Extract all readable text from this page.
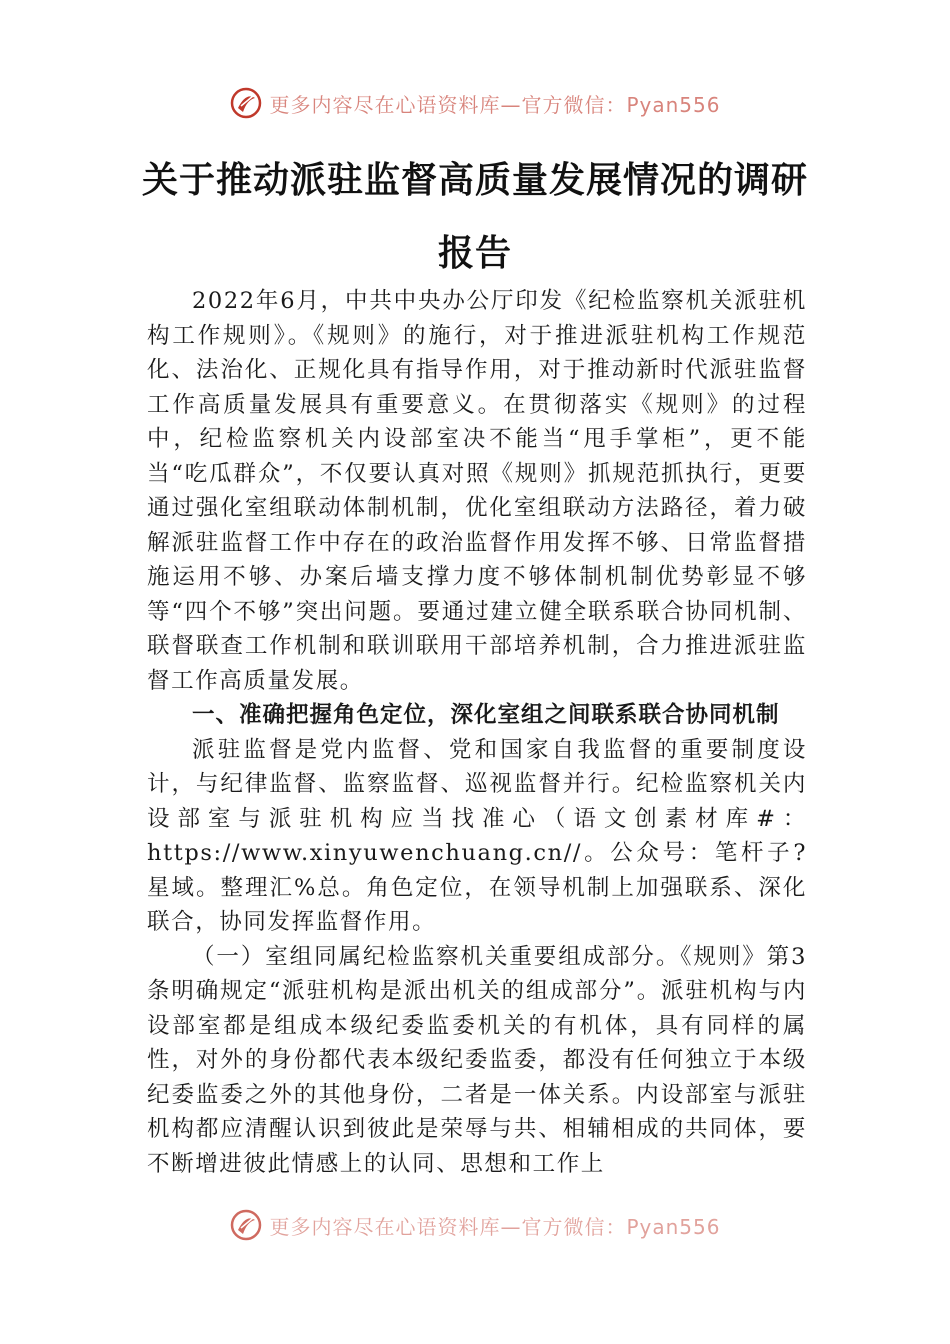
更多内容尽在心语资料库—官方微信：Pyan556
关于推动派驻监督高质量发展情况的调研
报告

2022年6月，中共中央办公厅印发《纪检监察机关派驻机构工作规则》。《规则》的施行，对于推进派驻机构工作规范化、法治化、正规化具有指导作用，对于推动新时代派驻监督工作高质量发展具有重要意义。在贯彻落实《规则》的过程中，纪检监察机关内设部室决不能当“甩手掌柜”，更不能当“吃瓜群众”，不仅要认真对照《规则》抓规范抓执行，更要通过强化室组联动体制机制，优化室组联动方法路径，着力破解派驻监督工作中存在的政治监督作用发挥不够、日常监督措施运用不够、办案后墙支撑力度不够体制机制优势彰显不够等“四个不够”突出问题。要通过建立健全联系联合协同机制、联督联查工作机制和联训联用干部培养机制，合力推进派驻监督工作高质量发展。

一、准确把握角色定位，深化室组之间联系联合协同机制

派驻监督是党内监督、党和国家自我监督的重要制度设计，与纪律监督、监察监督、巡视监督并行。纪检监察机关内设部室与派驻机构应当找准心（语文创素材库#：https://www.xinyuwenchuang.cn//。公众号：笔杆子?星域。整理汇%总。角色定位，在领导机制上加强联系、深化联合，协同发挥监督作用。

（一）室组同属纪检监察机关重要组成部分。《规则》第3条明确规定“派驻机构是派出机关的组成部分”。派驻机构与内设部室都是组成本级纪委监委机关的有机体，具有同样的属性，对外的身份都代表本级纪委监委，都没有任何独立于本级纪委监委之外的其他身份，二者是一体关系。内设部室与派驻机构都应清醒认识到彼此是荣辱与共、相辅相成的共同体，要不断增进彼此情感上的认同、思想和工作上

更多内容尽在心语资料库—官方微信：Pyan556
